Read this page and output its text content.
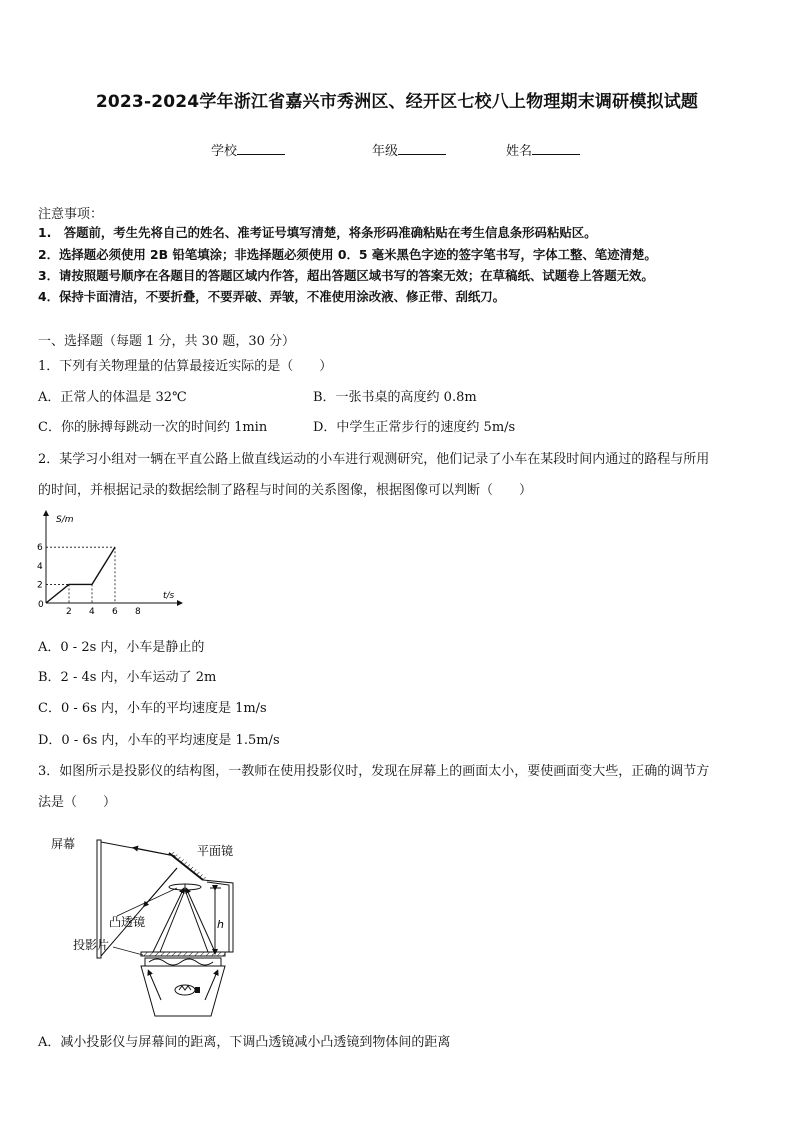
2023-2024学年浙江省嘉兴市秀洲区、经开区七校八上物理期末调研模拟试题
学校	年级	姓名
注意事项：
1.　答题前，考生先将自己的姓名、准考证号填写清楚，将条形码准确粘贴在考生信息条形码粘贴区。
2．选择题必须使用 2B 铅笔填涂；非选择题必须使用 0．5 毫米黑色字迹的签字笔书写，字体工整、笔迹清楚。
3．请按照题号顺序在各题目的答题区域内作答，超出答题区域书写的答案无效；在草稿纸、试题卷上答题无效。
4．保持卡面清洁，不要折叠，不要弄破、弄皱，不准使用涂改液、修正带、刮纸刀。
一、选择题（每题 1 分，共 30 题，30 分）
1．下列有关物理量的估算最接近实际的是（　　）
A．正常人的体温是 32℃	B．一张书桌的高度约 0.8m
C．你的脉搏每跳动一次的时间约 1min	D．中学生正常步行的速度约 5m/s
2．某学习小组对一辆在平直公路上做直线运动的小车进行观测研究，他们记录了小车在某段时间内通过的路程与所用
的时间，并根据记录的数据绘制了路程与时间的关系图像，根据图像可以判断（　　）
2 4 6 8
2
4
6
S/m
t/s
0
A．0 - 2s 内，小车是静止的
B．2 - 4s 内，小车运动了 2m
C．0 - 6s 内，小车的平均速度是 1m/s
D．0 - 6s 内，小车的平均速度是 1.5m/s
3．如图所示是投影仪的结构图，一教师在使用投影仪时，发现在屏幕上的画面太小，要使画面变大些，正确的调节方
法是（　　）
h
屏幕	平面镜
凸透镜
投影片
A．减小投影仪与屏幕间的距离，下调凸透镜减小凸透镜到物体间的距离
